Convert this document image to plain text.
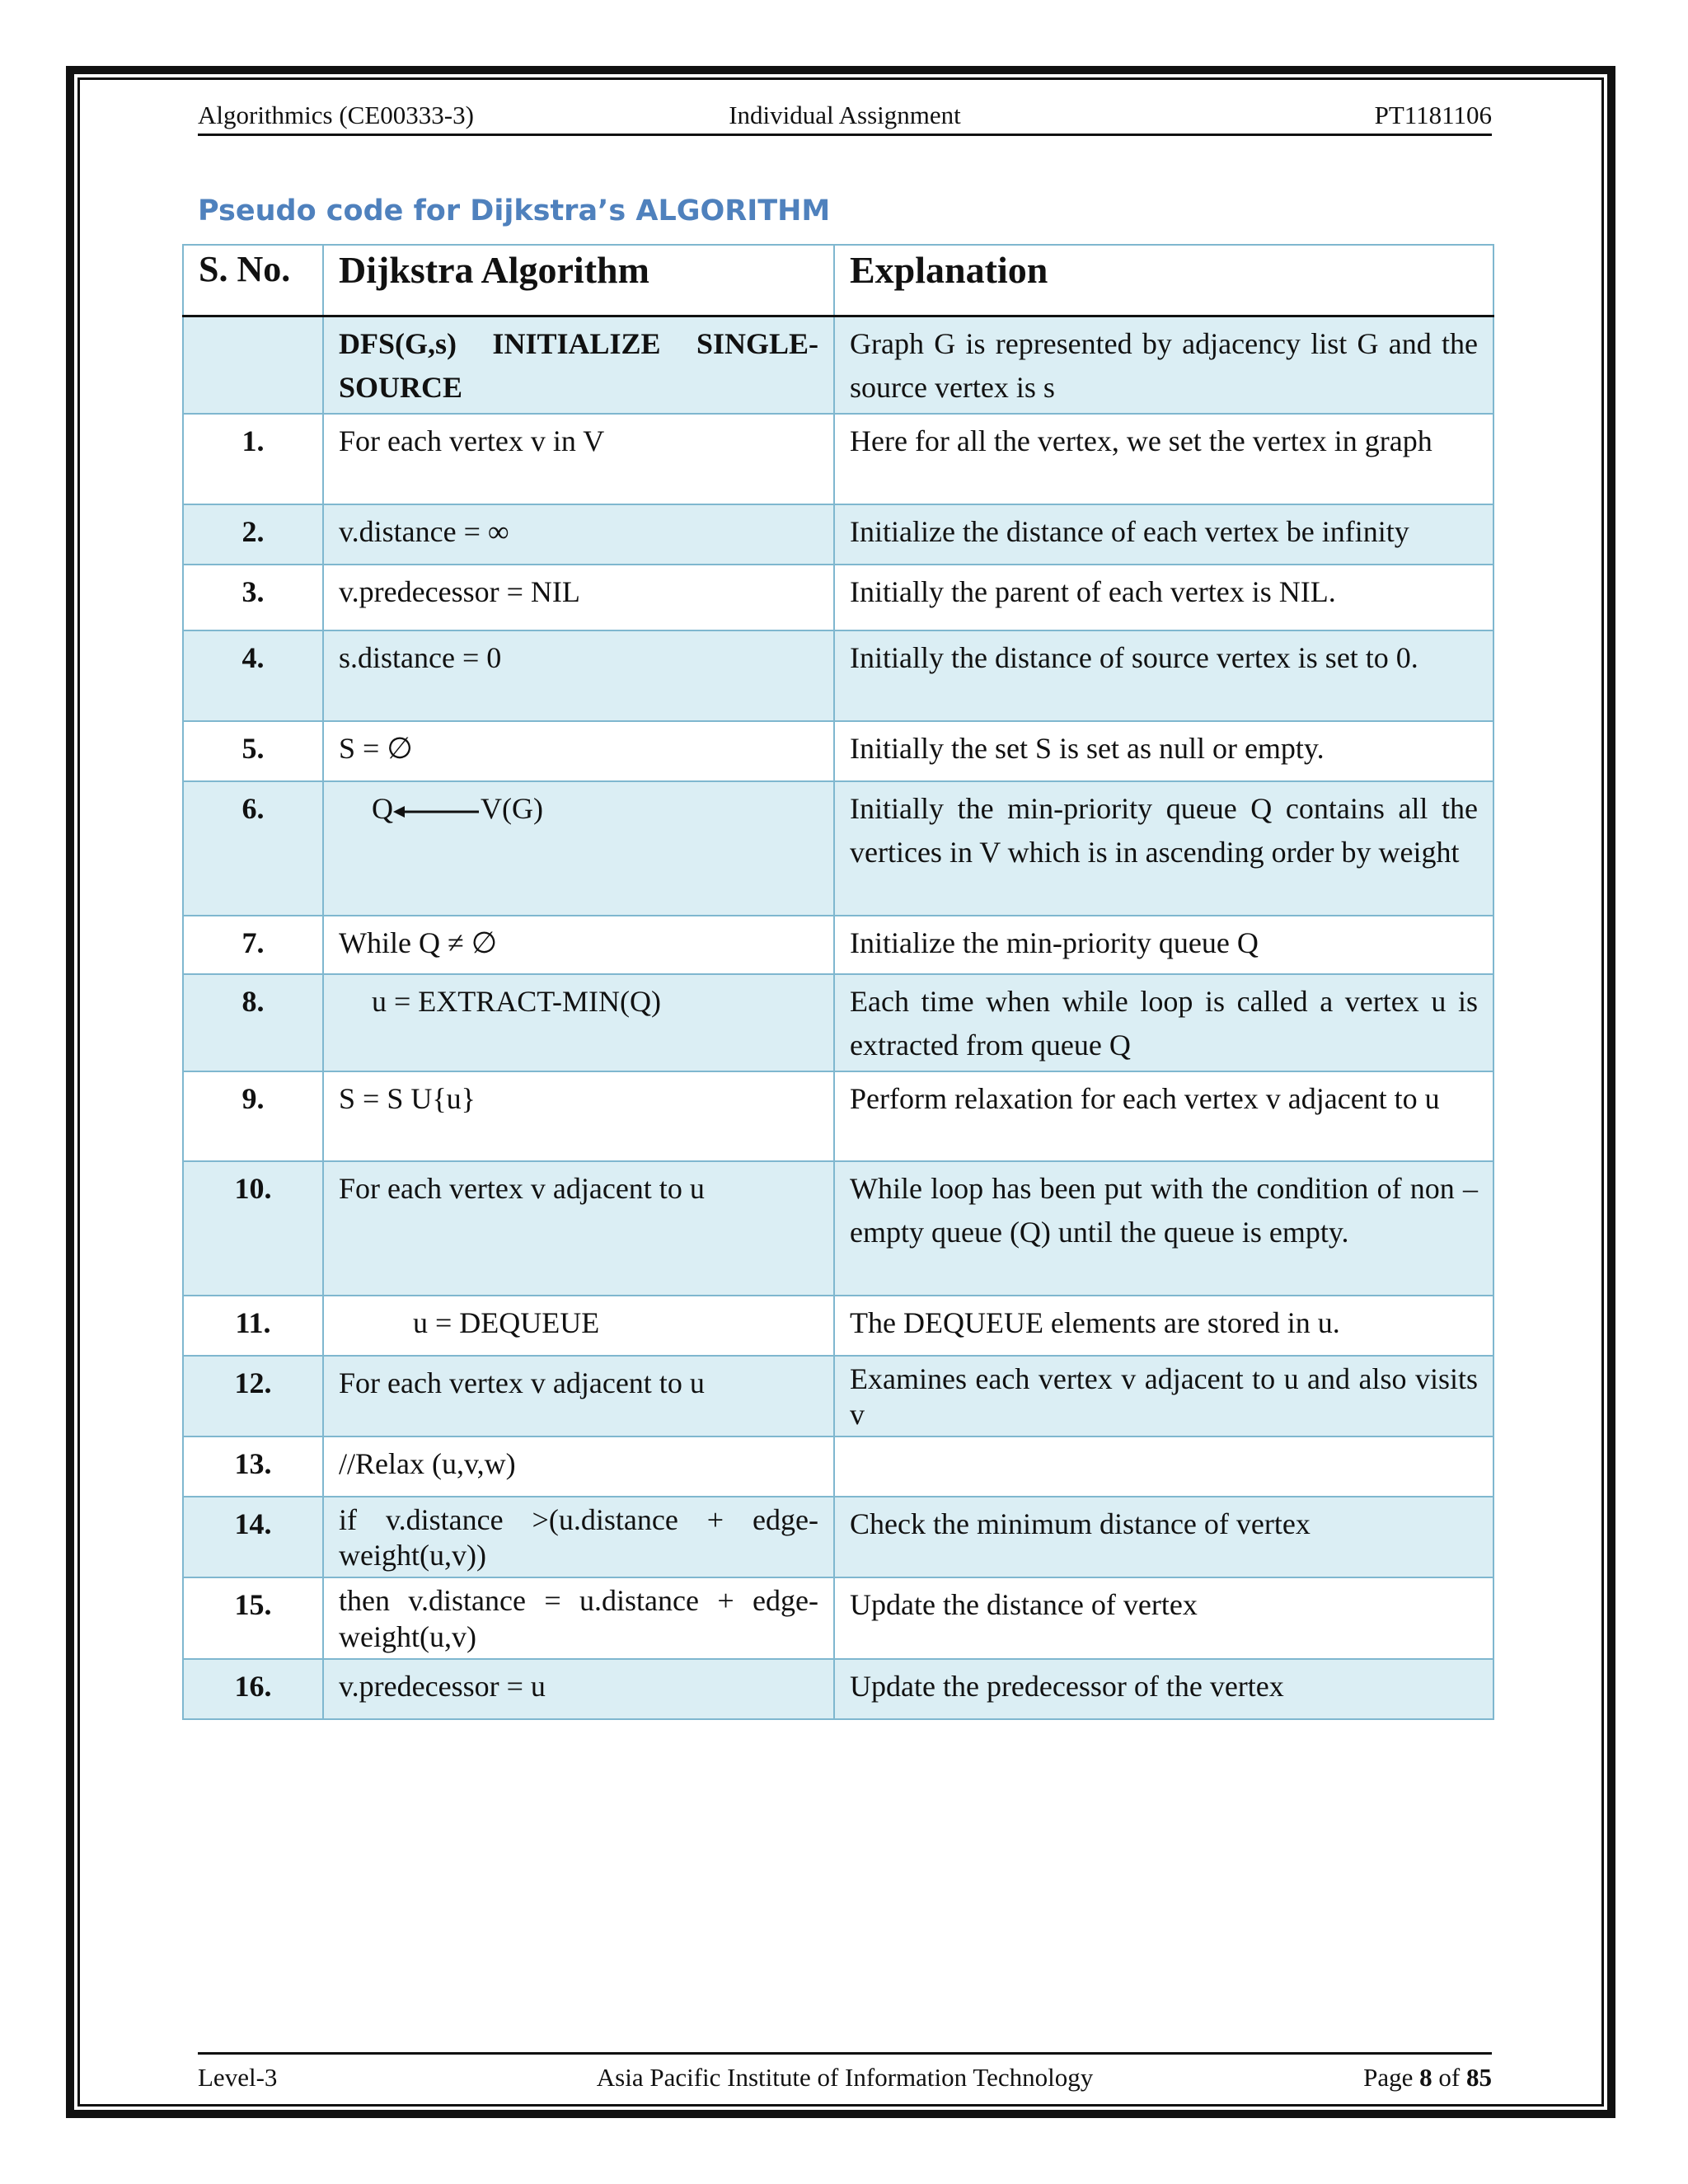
Algorithmics (CE00333-3)	Individual Assignment	PT1181106
Pseudo code for Dijkstra’s ALGORITHM
S. No.	Dijkstra Algorithm	Explanation
	DFS(G,s) INITIALIZE SINGLE-SOURCE	Graph G is represented by adjacency list G and the source vertex is s
1.	For each vertex v in V	Here for all the vertex, we set the vertex in graph
2.	v.distance = ∞	Initialize the distance of each vertex be infinity
3.	v.predecessor = NIL	Initially the parent of each vertex is NIL.
4.	s.distance = 0	Initially the distance of source vertex is set to 0.
5.	S = ∅	Initially the set S is set as null or empty.
6.	Q V(G)	Initially the min-priority queue Q contains all the vertices in V which is in ascending order by weight
7.	While Q ≠ ∅	Initialize the min-priority queue Q
8.	u = EXTRACT-MIN(Q)	Each time when while loop is called a vertex u is extracted from queue Q
9.	S = S U{u}	Perform relaxation for each vertex v adjacent to u
10.	For each vertex v adjacent to u	While loop has been put with the condition of non – empty queue (Q) until the queue is empty.
11.	u = DEQUEUE	The DEQUEUE elements are stored in u.
12.	For each vertex v adjacent to u	Examines each vertex v adjacent to u and also visits v
13.	//Relax (u,v,w)	
14.	if v.distance >(u.distance + edge-weight(u,v))	Check the minimum distance of vertex
15.	then v.distance = u.distance + edge-weight(u,v)	Update the distance of vertex
16.	v.predecessor = u	Update the predecessor of the vertex
Level-3	Asia Pacific Institute of Information Technology	Page 8 of 85
